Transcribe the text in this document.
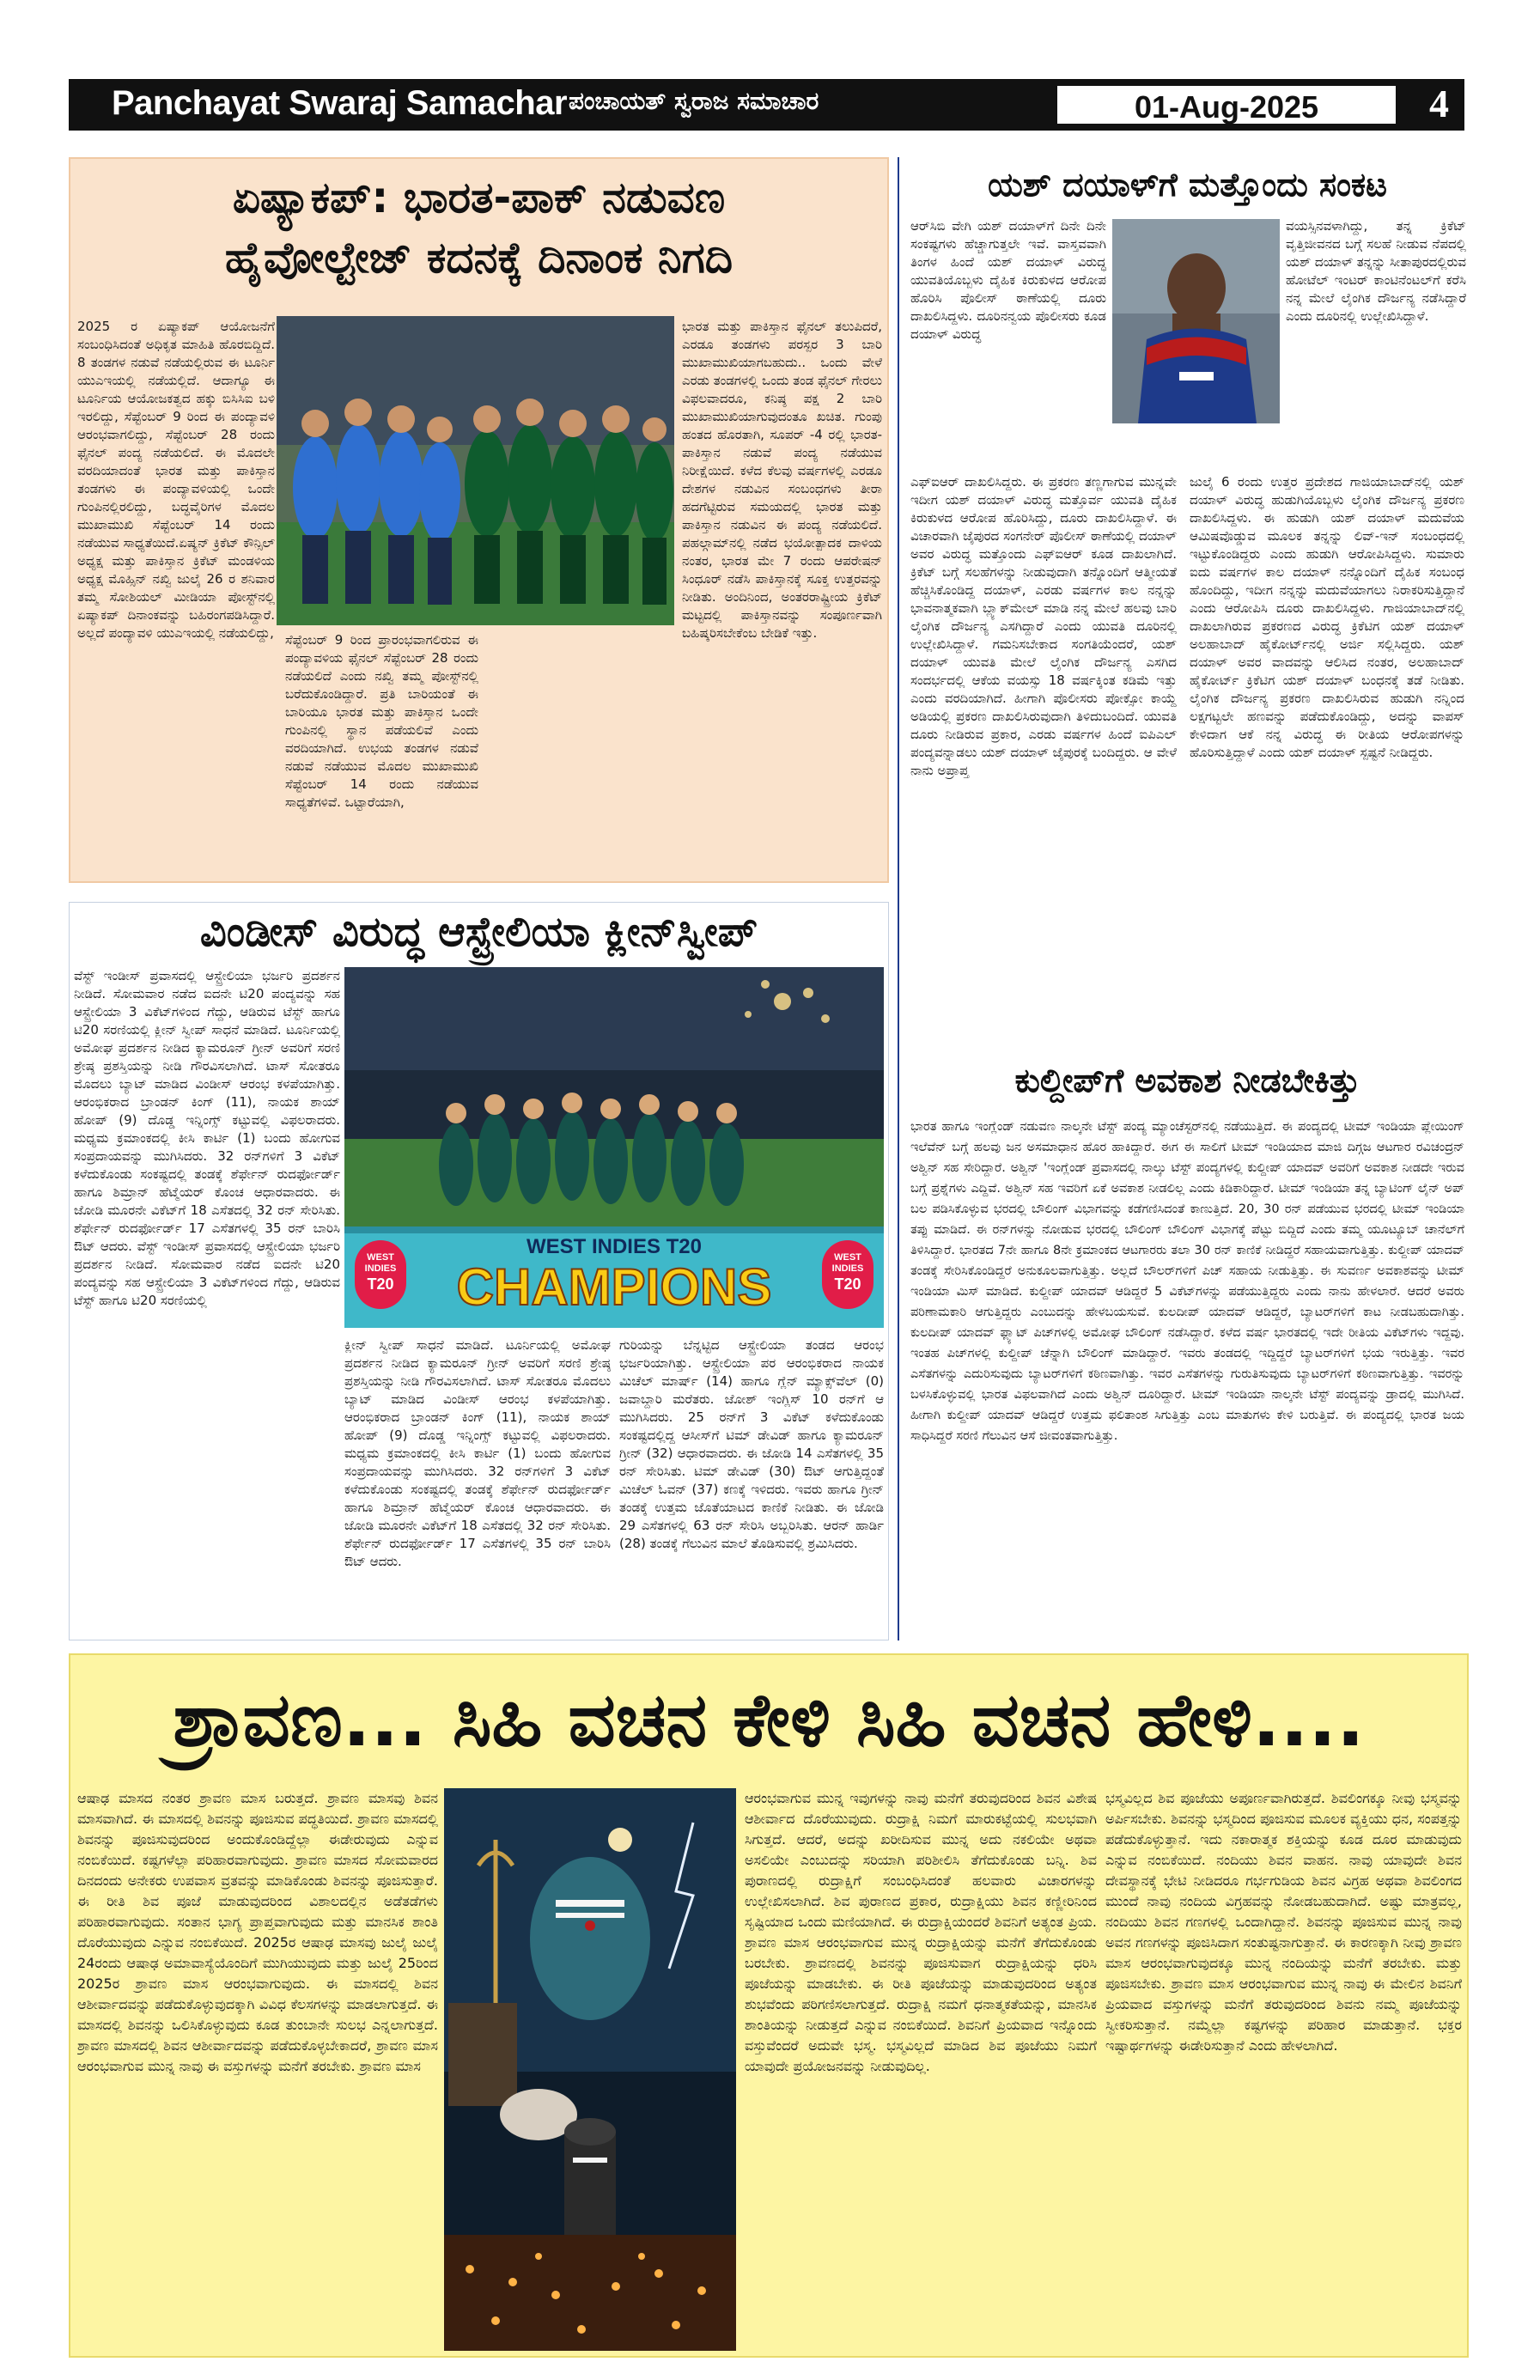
Panchayat Swaraj Samachar ಪಂಚಾಯತ್ ಸ್ವರಾಜ ಸಮಾಚಾರ	01-Aug-2025	4
ಏಷ್ಯಾಕಪ್: ಭಾರತ-ಪಾಕ್ ನಡುವಣ
ಹೈವೋಲ್ಟೇಜ್ ಕದನಕ್ಕೆ ದಿನಾಂಕ ನಿಗದಿ
2025 ರ ಏಷ್ಯಾಕಪ್ ಆಯೋಜನೆಗೆ ಸಂಬಂಧಿಸಿದಂತೆ ಅಧಿಕೃತ ಮಾಹಿತಿ ಹೊರಬಿದ್ದಿದೆ. 8 ತಂಡಗಳ ನಡುವೆ ನಡೆಯಲ್ಲಿರುವ ಈ ಟೂರ್ನಿ ಯುಎಇಯಲ್ಲಿ ನಡೆಯಲ್ಲಿದೆ. ಆದಾಗ್ಯೂ ಈ ಟೂರ್ನಿಯ ಆಯೋಜಕತ್ವದ ಹಕ್ಕು ಬಿಸಿಸಿಐ ಬಳಿ ಇರಲಿದ್ದು, ಸೆಪ್ಟೆಂಬರ್ 9 ರಿಂದ ಈ ಪಂದ್ಯಾವಳಿ ಆರಂಭವಾಗಲಿದ್ದು, ಸೆಪ್ಟೆಂಬರ್ 28 ರಂದು ಫೈನಲ್ ಪಂದ್ಯ ನಡೆಯಲಿದೆ. ಈ ಮೊದಲೇ ವರದಿಯಾದಂತೆ ಭಾರತ ಮತ್ತು ಪಾಕಿಸ್ತಾನ ತಂಡಗಳು ಈ ಪಂದ್ಯಾವಳಿಯಲ್ಲಿ ಒಂದೇ ಗುಂಪಿನಲ್ಲಿರಲಿದ್ದು, ಬದ್ಧವೈರಿಗಳ ಮೊದಲ ಮುಖಾಮುಖಿ ಸೆಪ್ಟೆಂಬರ್ 14 ರಂದು ನಡೆಯುವ ಸಾಧ್ಯತೆಯಿದೆ.ಏಷ್ಯನ್ ಕ್ರಿಕೆಟ್ ಕೌನ್ಸಿಲ್ ಅಧ್ಯಕ್ಷ ಮತ್ತು ಪಾಕಿಸ್ತಾನ ಕ್ರಿಕೆಟ್ ಮಂಡಳಿಯ ಅಧ್ಯಕ್ಷ ಮೊಹ್ಸಿನ್ ನಖ್ವಿ ಜುಲೈ 26 ರ ಶನಿವಾರ ತಮ್ಮ ಸೋಶಿಯಲ್ ಮೀಡಿಯಾ ಪೋಸ್ಟ್‌ನಲ್ಲಿ ಏಷ್ಯಾಕಪ್ ದಿನಾಂಕವನ್ನು ಬಹಿರಂಗಪಡಿಸಿದ್ದಾರೆ. ಅಲ್ಲದೆ ಪಂದ್ಯಾವಳಿ ಯುಎಇಯಲ್ಲಿ ನಡೆಯಲಿದ್ದು, ಸೆಪ್ಟೆಂಬರ್ 9 ರಿಂದ ಪ್ರಾರಂಭವಾಗಲಿರುವ ಈ ಪಂದ್ಯಾವಳಿಯ ಫೈನಲ್ ಸೆಪ್ಟೆಂಬರ್ 28 ರಂದು ನಡೆಯಲಿದೆ ಎಂದು ನಖ್ವಿ ತಮ್ಮ ಪೋಸ್ಟ್‌ನಲ್ಲಿ ಬರೆದುಕೊಂಡಿದ್ದಾರೆ. ಪ್ರತಿ ಬಾರಿಯಂತೆ ಈ ಬಾರಿಯೂ ಭಾರತ ಮತ್ತು ಪಾಕಿಸ್ತಾನ ಒಂದೇ ಗುಂಪಿನಲ್ಲಿ ಸ್ಥಾನ ಪಡೆಯಲಿವೆ ಎಂದು ವರದಿಯಾಗಿದೆ. ಉಭಯ ತಂಡಗಳ ನಡುವೆ ನಡುವೆ ನಡೆಯುವ ಮೊದಲ ಮುಖಾಮುಖಿ ಸೆಪ್ಟೆಂಬರ್ 14 ರಂದು ನಡೆಯುವ ಸಾಧ್ಯತೆಗಳಿವೆ. ಒಟ್ಟಾರೆಯಾಗಿ,
ಭಾರತ ಮತ್ತು ಪಾಕಿಸ್ತಾನ ಫೈನಲ್ ತಲುಪಿದರೆ, ಎರಡೂ ತಂಡಗಳು ಪರಸ್ಪರ 3 ಬಾರಿ ಮುಖಾಮುಖಿಯಾಗಬಹುದು.. ಒಂದು ವೇಳೆ ಎರಡು ತಂಡಗಳಲ್ಲಿ ಒಂದು ತಂಡ ಫೈನಲ್ ಗೇರಲು ವಿಫಲವಾದರೂ, ಕನಿಷ್ಠ ಪಕ್ಷ 2 ಬಾರಿ ಮುಖಾಮುಖಿಯಾಗುವುದಂತೂ ಖಚಿತ. ಗುಂಪು ಹಂತದ ಹೊರತಾಗಿ, ಸೂಪರ್ -4 ರಲ್ಲಿ ಭಾರತ-ಪಾಕಿಸ್ತಾನ ನಡುವೆ ಪಂದ್ಯ ನಡೆಯುವ ನಿರೀಕ್ಷೆಯಿದೆ. ಕಳೆದ ಕೆಲವು ವರ್ಷಗಳಲ್ಲಿ ಎರಡೂ ದೇಶಗಳ ನಡುವಿನ ಸಂಬಂಧಗಳು ತೀರಾ ಹದಗೆಟ್ಟಿರುವ ಸಮಯದಲ್ಲಿ ಭಾರತ ಮತ್ತು ಪಾಕಿಸ್ತಾನ ನಡುವಿನ ಈ ಪಂದ್ಯ ನಡೆಯಲಿದೆ. ಪಹಲ್ಗಾಮ್‌ನಲ್ಲಿ ನಡೆದ ಭಯೋತ್ಪಾದಕ ದಾಳಿಯ ನಂತರ, ಭಾರತ ಮೇ 7 ರಂದು ಆಪರೇಷನ್ ಸಿಂಧೂರ್ ನಡೆಸಿ ಪಾಕಿಸ್ತಾನಕ್ಕೆ ಸೂಕ್ತ ಉತ್ತರವನ್ನು ನೀಡಿತು. ಅಂದಿನಿಂದ, ಅಂತರರಾಷ್ಟ್ರೀಯ ಕ್ರಿಕೆಟ್ ಮಟ್ಟದಲ್ಲಿ ಪಾಕಿಸ್ತಾನವನ್ನು ಸಂಪೂರ್ಣವಾಗಿ ಬಹಿಷ್ಕರಿಸಬೇಕೆಂಬ ಬೇಡಿಕೆ ಇತ್ತು.
ಯಶ್ ದಯಾಳ್‌ಗೆ ಮತ್ತೊಂದು ಸಂಕಟ
ಆರ್‌ಸಿಬಿ ವೇಗಿ ಯಶ್ ದಯಾಳ್‌ಗೆ ದಿನೇ ದಿನೇ ಸಂಕಷ್ಟಗಳು ಹೆಚ್ಚಾಗುತ್ತಲೇ ಇವೆ. ವಾಸ್ತವವಾಗಿ ತಿಂಗಳ ಹಿಂದೆ ಯಶ್ ದಯಾಳ್ ವಿರುದ್ಧ ಯುವತಿಯೊಬ್ಬಳು ದೈಹಿಕ ಕಿರುಕುಳದ ಆರೋಪ ಹೊರಿಸಿ ಪೊಲೀಸ್ ಠಾಣೆಯಲ್ಲಿ ದೂರು ದಾಖಲಿಸಿದ್ದಳು. ದೂರಿನನ್ವಯ ಪೊಲೀಸರು ಕೂಡ ದಯಾಳ್ ವಿರುದ್ಧ
ವಯಸ್ಸಿನವಳಾಗಿದ್ದು, ತನ್ನ ಕ್ರಿಕೆಟ್ ವೃತ್ತಿಜೀವನದ ಬಗ್ಗೆ ಸಲಹೆ ನೀಡುವ ನೆಪದಲ್ಲಿ ಯಶ್ ದಯಾಳ್ ತನ್ನನ್ನು ಸೀತಾಪುರದಲ್ಲಿರುವ ಹೋಟೆಲ್ ಇಂಟರ್ ಕಾಂಟಿನೆಂಟಲ್‌ಗೆ ಕರೆಸಿ ನನ್ನ ಮೇಲೆ ಲೈಂಗಿಕ ದೌರ್ಜನ್ಯ ನಡೆಸಿದ್ದಾರೆ ಎಂದು ದೂರಿನಲ್ಲಿ ಉಲ್ಲೇಖಿಸಿದ್ದಾಳೆ.
ಎಫ್‌ಐಆರ್ ದಾಖಲಿಸಿದ್ದರು. ಈ ಪ್ರಕರಣ ತಣ್ಣಗಾಗುವ ಮುನ್ನವೇ ಇದೀಗ ಯಶ್ ದಯಾಳ್ ವಿರುದ್ಧ ಮತ್ತೊರ್ವ ಯುವತಿ ದೈಹಿಕ ಕಿರುಕುಳದ ಆರೋಪ ಹೊರಿಸಿದ್ದು, ದೂರು ದಾಖಲಿಸಿದ್ದಾಳೆ. ಈ ವಿಚಾರವಾಗಿ ಜೈಪುರದ ಸಂಗನೇರ್ ಪೊಲೀಸ್ ಠಾಣೆಯಲ್ಲಿ ದಯಾಳ್ ಅವರ ವಿರುದ್ಧ ಮತ್ತೊಂದು ಎಫ್‌ಐಆರ್ ಕೂಡ ದಾಖಲಾಗಿದೆ. ಕ್ರಿಕೆಟ್ ಬಗ್ಗೆ ಸಲಹೆಗಳನ್ನು ನೀಡುವುದಾಗಿ ತನ್ನೊಂದಿಗೆ ಆತ್ಮೀಯತೆ ಹೆಚ್ಚಿಸಿಕೊಂಡಿದ್ದ ದಯಾಳ್, ಎರಡು ವರ್ಷಗಳ ಕಾಲ ನನ್ನನ್ನು ಭಾವನಾತ್ಮಕವಾಗಿ ಬ್ಲ್ಯಾಕ್‌ಮೇಲ್ ಮಾಡಿ ನನ್ನ ಮೇಲೆ ಹಲವು ಬಾರಿ ಲೈಂಗಿಕ ದೌರ್ಜನ್ಯ ಎಸಗಿದ್ದಾರೆ ಎಂದು ಯುವತಿ ದೂರಿನಲ್ಲಿ ಉಲ್ಲೇಖಿಸಿದ್ದಾಳೆ. ಗಮನಿಸಬೇಕಾದ ಸಂಗತಿಯೆಂದರೆ, ಯಶ್ ದಯಾಳ್ ಯುವತಿ ಮೇಲೆ ಲೈಂಗಿಕ ದೌರ್ಜನ್ಯ ಎಸಗಿದ ಸಂದರ್ಭದಲ್ಲಿ ಆಕೆಯ ವಯಸ್ಸು 18 ವರ್ಷಕ್ಕಿಂತ ಕಡಿಮೆ ಇತ್ತು ಎಂದು ವರದಿಯಾಗಿದೆ. ಹೀಗಾಗಿ ಪೊಲೀಸರು ಪೋಕ್ಸೋ ಕಾಯ್ದೆ ಅಡಿಯಲ್ಲಿ ಪ್ರಕರಣ ದಾಖಲಿಸಿರುವುದಾಗಿ ತಿಳಿದುಬಂದಿದೆ. ಯುವತಿ ದೂರು ನೀಡಿರುವ ಪ್ರಕಾರ, ಎರಡು ವರ್ಷಗಳ ಹಿಂದೆ ಐಪಿಎಲ್ ಪಂದ್ಯವನ್ನಾಡಲು ಯಶ್ ದಯಾಳ್ ಜೈಪುರಕ್ಕೆ ಬಂದಿದ್ದರು. ಆ ವೇಳೆ ನಾನು ಅಪ್ರಾಪ್ತ
ಜುಲೈ 6 ರಂದು ಉತ್ತರ ಪ್ರದೇಶದ ಗಾಜಿಯಾಬಾದ್‌ನಲ್ಲಿ ಯಶ್ ದಯಾಳ್ ವಿರುದ್ಧ ಹುಡುಗಿಯೊಬ್ಬಳು ಲೈಂಗಿಕ ದೌರ್ಜನ್ಯ ಪ್ರಕರಣ ದಾಖಲಿಸಿದ್ದಳು. ಈ ಹುಡುಗಿ ಯಶ್ ದಯಾಳ್ ಮದುವೆಯ ಆಮಿಷವೊಡ್ಡುವ ಮೂಲಕ ತನ್ನನ್ನು ಲಿವ್-ಇನ್ ಸಂಬಂಧದಲ್ಲಿ ಇಟ್ಟುಕೊಂಡಿದ್ದರು ಎಂದು ಹುಡುಗಿ ಆರೋಪಿಸಿದ್ದಳು. ಸುಮಾರು ಐದು ವರ್ಷಗಳ ಕಾಲ ದಯಾಳ್ ನನ್ನೊಂದಿಗೆ ದೈಹಿಕ ಸಂಬಂಧ ಹೊಂದಿದ್ದು, ಇದೀಗ ನನ್ನನ್ನು ಮದುವೆಯಾಗಲು ನಿರಾಕರಿಸುತ್ತಿದ್ದಾನೆ ಎಂದು ಆರೋಪಿಸಿ ದೂರು ದಾಖಲಿಸಿದ್ದಳು. ಗಾಜಿಯಾಬಾದ್‌ನಲ್ಲಿ ದಾಖಲಾಗಿರುವ ಪ್ರಕರಣದ ವಿರುದ್ಧ ಕ್ರಿಕೆಟಿಗ ಯಶ್ ದಯಾಳ್ ಅಲಹಾಬಾದ್ ಹೈಕೋರ್ಟ್‌ನಲ್ಲಿ ಅರ್ಜಿ ಸಲ್ಲಿಸಿದ್ದರು. ಯಶ್ ದಯಾಳ್ ಅವರ ವಾದವನ್ನು ಆಲಿಸಿದ ನಂತರ, ಅಲಹಾಬಾದ್ ಹೈಕೋರ್ಟ್ ಕ್ರಿಕೆಟಿಗ ಯಶ್ ದಯಾಳ್ ಬಂಧನಕ್ಕೆ ತಡೆ ನೀಡಿತು. ಲೈಂಗಿಕ ದೌರ್ಜನ್ಯ ಪ್ರಕರಣ ದಾಖಲಿಸಿರುವ ಹುಡುಗಿ ನನ್ನಿಂದ ಲಕ್ಷಗಟ್ಟಲೇ ಹಣವನ್ನು ಪಡೆದುಕೊಂಡಿದ್ದು, ಅದನ್ನು ವಾಪಸ್ ಕೇಳಿದಾಗ ಆಕೆ ನನ್ನ ವಿರುದ್ಧ ಈ ರೀತಿಯ ಆರೋಪಗಳನ್ನು ಹೊರಿಸುತ್ತಿದ್ದಾಳೆ ಎಂದು ಯಶ್ ದಯಾಳ್ ಸ್ಪಷ್ಟನೆ ನೀಡಿದ್ದರು.
ವಿಂಡೀಸ್ ವಿರುದ್ಧ ಆಸ್ಟ್ರೇಲಿಯಾ ಕ್ಲೀನ್‌ಸ್ವೀಪ್
ವೆಸ್ಟ್ ಇಂಡೀಸ್ ಪ್ರವಾಸದಲ್ಲಿ ಆಸ್ಟ್ರೇಲಿಯಾ ಭರ್ಜರಿ ಪ್ರದರ್ಶನ ನೀಡಿದೆ. ಸೋಮವಾರ ನಡೆದ ಐದನೇ ಟಿ20 ಪಂದ್ಯವನ್ನು ಸಹ ಆಸ್ಟ್ರೇಲಿಯಾ 3 ವಿಕೆಟ್‌ಗಳಿಂದ ಗೆದ್ದು, ಆಡಿರುವ ಟೆಸ್ಟ್ ಹಾಗೂ ಟಿ20 ಸರಣಿಯಲ್ಲಿ ಕ್ಲೀನ್ ಸ್ವೀಪ್ ಸಾಧನೆ ಮಾಡಿದೆ. ಟೂರ್ನಿಯಲ್ಲಿ ಅಮೋಘ ಪ್ರದರ್ಶನ ನೀಡಿದ ಕ್ಯಾಮರೂನ್ ಗ್ರೀನ್ ಅವರಿಗೆ ಸರಣಿ ಶ್ರೇಷ್ಠ ಪ್ರಶಸ್ತಿಯನ್ನು ನೀಡಿ ಗೌರವಿಸಲಾಗಿದೆ. ಟಾಸ್ ಸೋತರೂ ಮೊದಲು ಬ್ಯಾಟ್ ಮಾಡಿದ ವಿಂಡೀಸ್ ಆರಂಭ ಕಳಪೆಯಾಗಿತ್ತು. ಆರಂಭಿಕರಾದ ಬ್ರಾಂಡನ್ ಕಿಂಗ್ (11), ನಾಯಕ ಶಾಯ್ ಹೋಪ್ (9) ದೊಡ್ಡ ಇನ್ನಿಂಗ್ಸ್ ಕಟ್ಟುವಲ್ಲಿ ವಿಫಲರಾದರು. ಮಧ್ಯಮ ಕ್ರಮಾಂಕದಲ್ಲಿ ಕೀಸಿ ಕಾರ್ಟಿ (1) ಬಂದು ಹೋಗುವ ಸಂಪ್ರದಾಯವನ್ನು ಮುಗಿಸಿದರು. 32 ರನ್‌ಗಳಿಗೆ 3 ವಿಕೆಟ್ ಕಳೆದುಕೊಂಡು ಸಂಕಷ್ಟದಲ್ಲಿ ತಂಡಕ್ಕೆ ಶೆರ್ಫೇನ್ ರುದರ್ಫೋರ್ಡ್ ಹಾಗೂ ಶಿಮ್ರಾನ್ ಹೆಟ್ಮೆಯರ್ ಕೊಂಚ ಆಧಾರವಾದರು. ಈ ಜೋಡಿ ಮೂರನೇ ವಿಕೆಟ್‌ಗೆ 18 ಎಸೆತದಲ್ಲಿ 32 ರನ್ ಸೇರಿಸಿತು. ಶೆರ್ಫೇನ್ ರುದರ್ಫೋರ್ಡ್ 17 ಎಸೆತಗಳಲ್ಲಿ 35 ರನ್ ಬಾರಿಸಿ ಔಟ್ ಆದರು. ವೆಸ್ಟ್ ಇಂಡೀಸ್ ಪ್ರವಾಸದಲ್ಲಿ ಆಸ್ಟ್ರೇಲಿಯಾ ಭರ್ಜರಿ ಪ್ರದರ್ಶನ ನೀಡಿದೆ. ಸೋಮವಾರ ನಡೆದ ಐದನೇ ಟಿ20 ಪಂದ್ಯವನ್ನು ಸಹ ಆಸ್ಟ್ರೇಲಿಯಾ 3 ವಿಕೆಟ್‌ಗಳಿಂದ ಗೆದ್ದು, ಆಡಿರುವ ಟೆಸ್ಟ್ ಹಾಗೂ ಟಿ20 ಸರಣಿಯಲ್ಲಿ
WEST
INDIES
T20
WEST
INDIES
T20
WEST INDIES T20
CHAMPIONS
ಕ್ಲೀನ್ ಸ್ವೀಪ್ ಸಾಧನೆ ಮಾಡಿದೆ. ಟೂರ್ನಿಯಲ್ಲಿ ಅಮೋಘ ಪ್ರದರ್ಶನ ನೀಡಿದ ಕ್ಯಾಮರೂನ್ ಗ್ರೀನ್ ಅವರಿಗೆ ಸರಣಿ ಶ್ರೇಷ್ಠ ಪ್ರಶಸ್ತಿಯನ್ನು ನೀಡಿ ಗೌರವಿಸಲಾಗಿದೆ. ಟಾಸ್ ಸೋತರೂ ಮೊದಲು ಬ್ಯಾಟ್ ಮಾಡಿದ ವಿಂಡೀಸ್ ಆರಂಭ ಕಳಪೆಯಾಗಿತ್ತು. ಆರಂಭಿಕರಾದ ಬ್ರಾಂಡನ್ ಕಿಂಗ್ (11), ನಾಯಕ ಶಾಯ್ ಹೋಪ್ (9) ದೊಡ್ಡ ಇನ್ನಿಂಗ್ಸ್ ಕಟ್ಟುವಲ್ಲಿ ವಿಫಲರಾದರು. ಮಧ್ಯಮ ಕ್ರಮಾಂಕದಲ್ಲಿ ಕೀಸಿ ಕಾರ್ಟಿ (1) ಬಂದು ಹೋಗುವ ಸಂಪ್ರದಾಯವನ್ನು ಮುಗಿಸಿದರು. 32 ರನ್‌ಗಳಿಗೆ 3 ವಿಕೆಟ್ ಕಳೆದುಕೊಂಡು ಸಂಕಷ್ಟದಲ್ಲಿ ತಂಡಕ್ಕೆ ಶೆರ್ಫೇನ್ ರುದರ್ಫೋರ್ಡ್ ಹಾಗೂ ಶಿಮ್ರಾನ್ ಹೆಟ್ಮೆಯರ್ ಕೊಂಚ ಆಧಾರವಾದರು. ಈ ಜೋಡಿ ಮೂರನೇ ವಿಕೆಟ್‌ಗೆ 18 ಎಸೆತದಲ್ಲಿ 32 ರನ್ ಸೇರಿಸಿತು. ಶೆರ್ಫೇನ್ ರುದರ್ಫೋರ್ಡ್ 17 ಎಸೆತಗಳಲ್ಲಿ 35 ರನ್ ಬಾರಿಸಿ ಔಟ್ ಆದರು.
ಗುರಿಯನ್ನು ಬೆನ್ನಟ್ಟಿದ ಆಸ್ಟ್ರೇಲಿಯಾ ತಂಡದ ಆರಂಭ ಭರ್ಜರಿಯಾಗಿತ್ತು. ಆಸ್ಟ್ರೇಲಿಯಾ ಪರ ಆರಂಭಿಕರಾದ ನಾಯಕ ಮಿಚೆಲ್ ಮಾರ್ಷ್ (14) ಹಾಗೂ ಗ್ಲೆನ್ ಮ್ಯಾಕ್ಸ್‌ವೆಲ್ (0) ಜವಾಬ್ದಾರಿ ಮರೆತರು. ಜೋಶ್ ಇಂಗ್ಲಿಸ್ 10 ರನ್‌ಗೆ ಆ ಮುಗಿಸಿದರು. 25 ರನ್‌ಗೆ 3 ವಿಕೆಟ್ ಕಳೆದುಕೊಂಡು ಸಂಕಷ್ಟದಲ್ಲಿದ್ದ ಆಸೀಸ್‌ಗೆ ಟಿಮ್ ಡೇವಿಡ್ ಹಾಗೂ ಕ್ಯಾಮರೂನ್ ಗ್ರೀನ್ (32) ಆಧಾರವಾದರು. ಈ ಜೋಡಿ 14 ಎಸೆತಗಳಲ್ಲಿ 35 ರನ್ ಸೇರಿಸಿತು. ಟಿಮ್ ಡೇವಿಡ್ (30) ಔಟ್ ಆಗುತ್ತಿದ್ದಂತೆ ಮಿಚೆಲ್ ಓವನ್ (37) ಕಣಕ್ಕೆ ಇಳಿದರು. ಇವರು ಹಾಗೂ ಗ್ರೀನ್ ತಂಡಕ್ಕೆ ಉತ್ತಮ ಜೊತೆಯಾಟದ ಕಾಣಿಕೆ ನೀಡಿತು. ಈ ಜೋಡಿ 29 ಎಸೆತಗಳಲ್ಲಿ 63 ರನ್ ಸೇರಿಸಿ ಅಬ್ಬರಿಸಿತು. ಆರನ್ ಹಾರ್ಡಿ (28) ತಂಡಕ್ಕೆ ಗೆಲುವಿನ ಮಾಲೆ ತೊಡಿಸುವಲ್ಲಿ ಶ್ರಮಿಸಿದರು.
ಕುಲ್ದೀಪ್‌ಗೆ ಅವಕಾಶ ನೀಡಬೇಕಿತ್ತು
ಭಾರತ ಹಾಗೂ ಇಂಗ್ಲೆಂಡ್ ನಡುವಣ ನಾಲ್ಕನೇ ಟೆಸ್ಟ್ ಪಂದ್ಯ ಮ್ಯಾಂಚೆಸ್ಟರ್‌ನಲ್ಲಿ ನಡೆಯುತ್ತಿದೆ. ಈ ಪಂದ್ಯದಲ್ಲಿ ಟೀಮ್ ಇಂಡಿಯಾ ಪ್ಲೇಯಿಂಗ್ ಇಲೆವೆನ್ ಬಗ್ಗೆ ಹಲವು ಜನ ಅಸಮಾಧಾನ ಹೊರ ಹಾಕಿದ್ದಾರೆ. ಈಗ ಈ ಸಾಲಿಗೆ ಟೀಮ್ ಇಂಡಿಯಾದ ಮಾಜಿ ದಿಗ್ಗಜ ಆಟಗಾರ ರವಿಚಂದ್ರನ್ ಅಶ್ವಿನ್ ಸಹ ಸೇರಿದ್ದಾರೆ. ಅಶ್ವಿನ್ 'ಇಂಗ್ಲೆಂಡ್ ಪ್ರವಾಸದಲ್ಲಿ ನಾಲ್ಕು ಟೆಸ್ಟ್ ಪಂದ್ಯಗಳಲ್ಲಿ ಕುಲ್ದೀಪ್ ಯಾದವ್ ಅವರಿಗೆ ಅವಕಾಶ ನೀಡದೇ ಇರುವ ಬಗ್ಗೆ ಪ್ರಶ್ನೆಗಳು ಎದ್ದಿವೆ. ಅಶ್ವಿನ್ ಸಹ ಇವರಿಗೆ ಏಕೆ ಅವಕಾಶ ನೀಡಲಿಲ್ಲ ಎಂದು ಕಿಡಿಕಾರಿದ್ದಾರೆ. ಟೀಮ್ ಇಂಡಿಯಾ ತನ್ನ ಬ್ಯಾಟಿಂಗ್ ಲೈನ್ ಅಪ್ ಬಲ ಪಡಿಸಿಕೊಳ್ಳುವ ಭರದಲ್ಲಿ ಬೌಲಿಂಗ್ ವಿಭಾಗವನ್ನು ಕಡೆಗಣಿಸಿದಂತೆ ಕಾಣುತ್ತಿದೆ. 20, 30 ರನ್ ಪಡೆಯುವ ಭರದಲ್ಲಿ ಟೀಮ್ ಇಂಡಿಯಾ ತಪ್ಪು ಮಾಡಿದೆ. ಈ ರನ್‌ಗಳನ್ನು ನೋಡುವ ಭರದಲ್ಲಿ ಬೌಲಿಂಗ್ ಬೌಲಿಂಗ್ ವಿಭಾಗಕ್ಕೆ ಪೆಟ್ಟು ಬಿದ್ದಿದೆ ಎಂದು ತಮ್ಮ ಯೂಟ್ಯೂಬ್ ಚಾನೆಲ್‌ಗೆ ತಿಳಿಸಿದ್ದಾರೆ. ಭಾರತದ 7ನೇ ಹಾಗೂ 8ನೇ ಕ್ರಮಾಂಕದ ಆಟಗಾರರು ತಲಾ 30 ರನ್ ಕಾಣಿಕೆ ನೀಡಿದ್ದರೆ ಸಹಾಯವಾಗುತ್ತಿತ್ತು. ಕುಲ್ದೀಪ್ ಯಾದವ್ ತಂಡಕ್ಕೆ ಸೇರಿಸಿಕೊಂಡಿದ್ದರೆ ಅನುಕೂಲವಾಗುತ್ತಿತ್ತು. ಅಲ್ಲದೆ ಬೌಲರ್‌ಗಳಿಗೆ ಪಿಚ್ ಸಹಾಯ ನೀಡುತ್ತಿತ್ತು. ಈ ಸುವರ್ಣ ಅವಕಾಶವನ್ನು ಟೀಮ್ ಇಂಡಿಯಾ ಮಿಸ್ ಮಾಡಿದೆ. ಕುಲ್ದೀಪ್ ಯಾದವ್ ಆಡಿದ್ದರೆ 5 ವಿಕೆಟ್‌ಗಳನ್ನು ಪಡೆಯುತ್ತಿದ್ದರು ಎಂದು ನಾನು ಹೇಳಲಾರೆ. ಆದರೆ ಅವರು ಪರಿಣಾಮಕಾರಿ ಆಗುತ್ತಿದ್ದರು ಎಂಬುದನ್ನು ಹೇಳಬಯಸುವೆ. ಕುಲದೀಪ್ ಯಾದವ್ ಆಡಿದ್ದರೆ, ಬ್ಯಾಟರ್‌ಗಳಿಗೆ ಕಾಟ ನೀಡಬಹುದಾಗಿತ್ತು. ಕುಲದೀಪ್ ಯಾದವ್ ಫ್ಲ್ಯಾಟ್ ಪಿಚ್‌ಗಳಲ್ಲಿ ಅಮೋಘ ಬೌಲಿಂಗ್ ನಡೆಸಿದ್ದಾರೆ. ಕಳೆದ ವರ್ಷ ಭಾರತದಲ್ಲಿ ಇದೇ ರೀತಿಯ ವಿಕೆಟ್‌ಗಳು ಇದ್ದವು. ಇಂತಹ ಪಿಚ್‌ಗಳಲ್ಲಿ ಕುಲ್ದೀಪ್ ಚೆನ್ನಾಗಿ ಬೌಲಿಂಗ್ ಮಾಡಿದ್ದಾರೆ. ಇವರು ತಂಡದಲ್ಲಿ ಇದ್ದಿದ್ದರೆ ಬ್ಯಾಟರ್‌ಗಳಿಗೆ ಭಯ ಇರುತ್ತಿತ್ತು. ಇವರ ಎಸೆತಗಳನ್ನು ಎದುರಿಸುವುದು ಬ್ಯಾಟರ್‌ಗಳಿಗೆ ಕಠಿಣವಾಗಿತ್ತು. ಇವರ ಎಸೆತಗಳನ್ನು ಗುರುತಿಸುವುದು ಬ್ಯಾಟರ್‌ಗಳಿಗೆ ಕಠಿಣವಾಗುತ್ತಿತ್ತು. ಇವರನ್ನು ಬಳಸಿಕೊಳ್ಳುವಲ್ಲಿ ಭಾರತ ವಿಫಲವಾಗಿದೆ ಎಂದು ಅಶ್ವಿನ್ ದೂರಿದ್ದಾರೆ. ಟೀಮ್ ಇಂಡಿಯಾ ನಾಲ್ಕನೇ ಟೆಸ್ಟ್ ಪಂದ್ಯವನ್ನು ಡ್ರಾದಲ್ಲಿ ಮುಗಿಸಿದೆ. ಹೀಗಾಗಿ ಕುಲ್ದೀಪ್ ಯಾದವ್ ಆಡಿದ್ದರೆ ಉತ್ತಮ ಫಲಿತಾಂಶ ಸಿಗುತ್ತಿತ್ತು ಎಂಬ ಮಾತುಗಳು ಕೇಳಿ ಬರುತ್ತಿವೆ. ಈ ಪಂದ್ಯದಲ್ಲಿ ಭಾರತ ಜಯ ಸಾಧಿಸಿದ್ದರೆ ಸರಣಿ ಗೆಲುವಿನ ಆಸೆ ಜೀವಂತವಾಗುತ್ತಿತ್ತು.
ಶ್ರಾವಣ... ಸಿಹಿ ವಚನ ಕೇಳಿ ಸಿಹಿ ವಚನ ಹೇಳಿ....
ಆಷಾಢ ಮಾಸದ ನಂತರ ಶ್ರಾವಣ ಮಾಸ ಬರುತ್ತದೆ. ಶ್ರಾವಣ ಮಾಸವು ಶಿವನ ಮಾಸವಾಗಿದೆ. ಈ ಮಾಸದಲ್ಲಿ ಶಿವನನ್ನು ಪೂಜಿಸುವ ಪದ್ಧತಿಯಿದೆ. ಶ್ರಾವಣ ಮಾಸದಲ್ಲಿ ಶಿವನನ್ನು ಪೂಜಿಸುವುದರಿಂದ ಅಂದುಕೊಂಡಿದ್ದೆಲ್ಲಾ ಈಡೇರುವುದು ಎನ್ನುವ ನಂಬಿಕೆಯಿದೆ. ಕಷ್ಟಗಳೆಲ್ಲಾ ಪರಿಹಾರವಾಗುವುದು. ಶ್ರಾವಣ ಮಾಸದ ಸೋಮವಾರದ ದಿನದಂದು ಅನೇಕರು ಉಪವಾಸ ವ್ರತವನ್ನು ಮಾಡಿಕೊಂಡು ಶಿವನನ್ನು ಪೂಜಿಸುತ್ತಾರೆ. ಈ ರೀತಿ ಶಿವ ಪೂಜೆ ಮಾಡುವುದರಿಂದ ವಿಶಾಲದಲ್ಲಿನ ಅಡೆತಡೆಗಳು ಪರಿಹಾರವಾಗುವುದು. ಸಂತಾನ ಭಾಗ್ಯ ಪ್ರಾಪ್ತವಾಗುವುದು ಮತ್ತು ಮಾನಸಿಕ ಶಾಂತಿ ದೊರೆಯುವುದು ಎನ್ನುವ ನಂಬಿಕೆಯಿದೆ. 2025ರ ಆಷಾಢ ಮಾಸವು ಜುಲೈ ಜುಲೈ 24ರಂದು ಆಷಾಢ ಅಮಾವಾಸ್ಯೆಯೊಂದಿಗೆ ಮುಗಿಯುವುದು ಮತ್ತು ಜುಲೈ 25ರಿಂದ 2025ರ ಶ್ರಾವಣ ಮಾಸ ಆರಂಭವಾಗುವುದು. ಈ ಮಾಸದಲ್ಲಿ ಶಿವನ ಆಶೀರ್ವಾದವನ್ನು ಪಡೆದುಕೊಳ್ಳುವುದಕ್ಕಾಗಿ ವಿವಿಧ ಕೆಲಸಗಳನ್ನು ಮಾಡಲಾಗುತ್ತದೆ. ಈ ಮಾಸದಲ್ಲಿ ಶಿವನನ್ನು ಒಲಿಸಿಕೊಳ್ಳುವುದು ಕೂಡ ತುಂಬಾನೇ ಸುಲಭ ಎನ್ನಲಾಗುತ್ತದೆ. ಶ್ರಾವಣ ಮಾಸದಲ್ಲಿ ಶಿವನ ಆಶೀರ್ವಾದವನ್ನು ಪಡೆದುಕೊಳ್ಳಬೇಕಾದರೆ, ಶ್ರಾವಣ ಮಾಸ ಆರಂಭವಾಗುವ ಮುನ್ನ ನಾವು ಈ ವಸ್ತುಗಳನ್ನು ಮನೆಗೆ ತರಬೇಕು. ಶ್ರಾವಣ ಮಾಸ
ಆರಂಭವಾಗುವ ಮುನ್ನ ಇವುಗಳನ್ನು ನಾವು ಮನೆಗೆ ತರುವುದರಿಂದ ಶಿವನ ವಿಶೇಷ ಆಶೀರ್ವಾದ ದೊರೆಯುವುದು. ರುದ್ರಾಕ್ಷಿ ನಿಮಗೆ ಮಾರುಕಟ್ಟೆಯಲ್ಲಿ ಸುಲಭವಾಗಿ ಸಿಗುತ್ತದೆ. ಆದರೆ, ಅದನ್ನು ಖರೀದಿಸುವ ಮುನ್ನ ಅದು ನಕಲಿಯೇ ಅಥವಾ ಅಸಲಿಯೇ ಎಂಬುದನ್ನು ಸರಿಯಾಗಿ ಪರಿಶೀಲಿಸಿ ತೆಗೆದುಕೊಂಡು ಬನ್ನಿ. ಶಿವ ಪುರಾಣದಲ್ಲಿ ರುದ್ರಾಕ್ಷಿಗೆ ಸಂಬಂಧಿಸಿದಂತೆ ಹಲವಾರು ವಿಚಾರಗಳನ್ನು ಉಲ್ಲೇಖಿಸಲಾಗಿದೆ. ಶಿವ ಪುರಾಣದ ಪ್ರಕಾರ, ರುದ್ರಾಕ್ಷಿಯು ಶಿವನ ಕಣ್ಣೀರಿನಿಂದ ಸೃಷ್ಟಿಯಾದ ಒಂದು ಮಣಿಯಾಗಿದೆ. ಈ ರುದ್ರಾಕ್ಷಿಯಂದರೆ ಶಿವನಿಗೆ ಅತ್ಯಂತ ಪ್ರಿಯ. ಶ್ರಾವಣ ಮಾಸ ಆರಂಭವಾಗುವ ಮುನ್ನ ರುದ್ರಾಕ್ಷಿಯನ್ನು ಮನೆಗೆ ತೆಗೆದುಕೊಂಡು ಬರಬೇಕು. ಶ್ರಾವಣದಲ್ಲಿ ಶಿವನನ್ನು ಪೂಜಿಸುವಾಗ ರುದ್ರಾಕ್ಷಿಯನ್ನು ಧರಿಸಿ ಪೂಜೆಯನ್ನು ಮಾಡಬೇಕು. ಈ ರೀತಿ ಪೂಜೆಯನ್ನು ಮಾಡುವುದರಿಂದ ಅತ್ಯಂತ ಶುಭವೆಂದು ಪರಿಗಣಿಸಲಾಗುತ್ತದೆ. ರುದ್ರಾಕ್ಷಿ ನಮಗೆ ಧನಾತ್ಮಕತೆಯನ್ನು, ಮಾನಸಿಕ ಶಾಂತಿಯನ್ನು ನೀಡುತ್ತದೆ ಎನ್ನುವ ನಂಬಿಕೆಯಿದೆ. ಶಿವನಿಗೆ ಪ್ರಿಯವಾದ ಇನ್ನೊಂದು ವಸ್ತುವೆಂದರೆ ಅದುವೇ ಭಸ್ಮ. ಭಸ್ಮವಿಲ್ಲದೆ ಮಾಡಿದ ಶಿವ ಪೂಜೆಯು ನಿಮಗೆ ಯಾವುದೇ ಪ್ರಯೋಜನವನ್ನು ನೀಡುವುದಿಲ್ಲ.
ಭಸ್ಮವಿಲ್ಲದ ಶಿವ ಪೂಜೆಯು ಅಪೂರ್ಣವಾಗಿರುತ್ತದೆ. ಶಿವಲಿಂಗಕ್ಕೂ ನೀವು ಭಸ್ಮವನ್ನು ಅರ್ಪಿಸಬೇಕು. ಶಿವನನ್ನು ಭಸ್ಮದಿಂದ ಪೂಜಿಸುವ ಮೂಲಕ ವ್ಯಕ್ತಿಯು ಧನ, ಸಂಪತ್ತನ್ನು ಪಡೆದುಕೊಳ್ಳುತ್ತಾನೆ. ಇದು ನಕಾರಾತ್ಮಕ ಶಕ್ತಿಯನ್ನು ಕೂಡ ದೂರ ಮಾಡುವುದು ಎನ್ನುವ ನಂಬಿಕೆಯಿದೆ. ನಂದಿಯು ಶಿವನ ವಾಹನ. ನಾವು ಯಾವುದೇ ಶಿವನ ದೇವಸ್ಥಾನಕ್ಕೆ ಭೇಟಿ ನೀಡಿದರೂ ಗರ್ಭಗುಡಿಯ ಶಿವನ ವಿಗ್ರಹ ಅಥವಾ ಶಿವಲಿಂಗದ ಮುಂದೆ ನಾವು ನಂದಿಯ ವಿಗ್ರಹವನ್ನು ನೋಡಬಹುದಾಗಿದೆ. ಅಷ್ಟು ಮಾತ್ರವಲ್ಲ, ನಂದಿಯು ಶಿವನ ಗಣಗಳಲ್ಲಿ ಒಂದಾಗಿದ್ದಾನೆ. ಶಿವನನ್ನು ಪೂಜಿಸುವ ಮುನ್ನ ನಾವು ಅವನ ಗಣಗಳನ್ನು ಪೂಜಿಸಿದಾಗ ಸಂತುಷ್ಟನಾಗುತ್ತಾನೆ. ಈ ಕಾರಣಕ್ಕಾಗಿ ನೀವು ಶ್ರಾವಣ ಮಾಸ ಆರಂಭವಾಗುವುದಕ್ಕೂ ಮುನ್ನ ನಂದಿಯನ್ನು ಮನೆಗೆ ತರಬೇಕು. ಮತ್ತು ಪೂಜಿಸಬೇಕು. ಶ್ರಾವಣ ಮಾಸ ಆರಂಭವಾಗುವ ಮುನ್ನ ನಾವು ಈ ಮೇಲಿನ ಶಿವನಿಗೆ ಪ್ರಿಯವಾದ ವಸ್ತುಗಳನ್ನು ಮನೆಗೆ ತರುವುದರಿಂದ ಶಿವನು ನಮ್ಮ ಪೂಜೆಯನ್ನು ಸ್ವೀಕರಿಸುತ್ತಾನೆ. ನಮ್ಮೆಲ್ಲಾ ಕಷ್ಟಗಳನ್ನು ಪರಿಹಾರ ಮಾಡುತ್ತಾನೆ. ಭಕ್ತರ ಇಷ್ಟಾರ್ಥಗಳನ್ನು ಈಡೇರಿಸುತ್ತಾನೆ ಎಂದು ಹೇಳಲಾಗಿದೆ.
